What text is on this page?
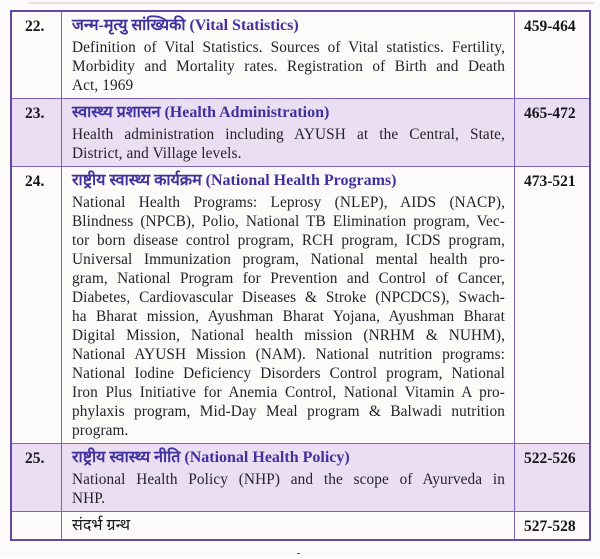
22.	जन्म-मृत्यु सांख्यिकी (Vital Statistics)
Definition of Vital Statistics. Sources of Vital statistics. Fertility,
Morbidity and Mortality rates. Registration of Birth and Death
Act, 1969
459-464
23.	स्वास्थ्य प्रशासन (Health Administration)
Health administration including AYUSH at the Central, State,
District, and Village levels.
465-472
24.	राष्ट्रीय स्वास्थ्य कार्यक्रम (National Health Programs)
National Health Programs: Leprosy (NLEP), AIDS (NACP),
Blindness (NPCB), Polio, National TB Elimination program, Vec-
tor born disease control program, RCH program, ICDS program,
Universal Immunization program, National mental health pro-
gram, National Program for Prevention and Control of Cancer,
Diabetes, Cardiovascular Diseases & Stroke (NPCDCS), Swach-
ha Bharat mission, Ayushman Bharat Yojana, Ayushman Bharat
Digital Mission, National health mission (NRHM & NUHM),
National AYUSH Mission (NAM). National nutrition programs:
National Iodine Deficiency Disorders Control program, National
Iron Plus Initiative for Anemia Control, National Vitamin A pro-
phylaxis program, Mid-Day Meal program & Balwadi nutrition
program.
473-521
25.	राष्ट्रीय स्वास्थ्य नीति (National Health Policy)
National Health Policy (NHP) and the scope of Ayurveda in
NHP.
522-526
संदर्भ ग्रन्थ	527-528
-
